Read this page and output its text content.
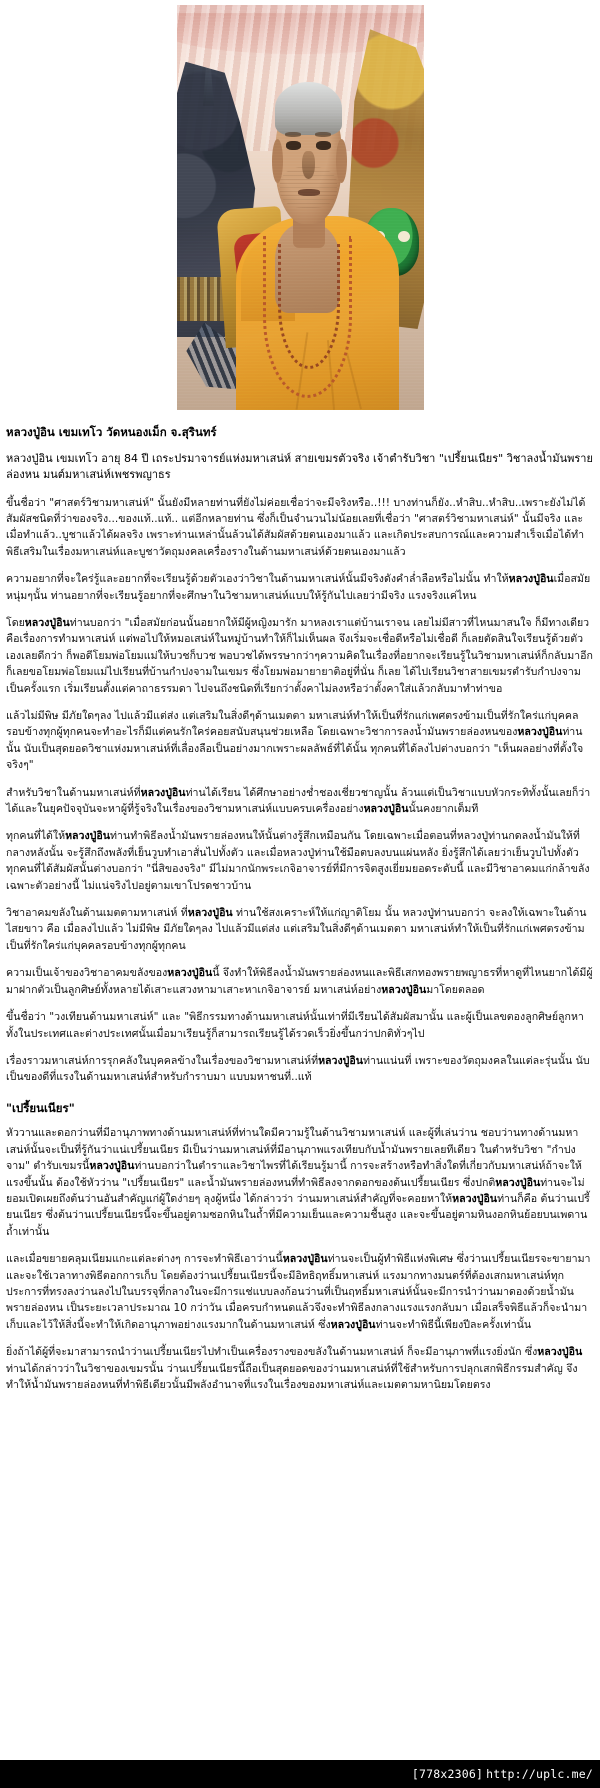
หลวงปู่อิน เขมเทโว วัดหนองเม็ก จ.สุรินทร์
หลวงปู่อิน เขมเทโว อายุ 84 ปี เถระปรมาจารย์แห่งมหาเสน่ห์ สายเขมรตัวจริง เจ้าตำรับวิชา "เปรี้ยนเนียร" วิชาลงน้ำมันพรายล่องหน มนต์มหาเสน่ห์เพชรพญาธร

ขึ้นชื่อว่า "ศาสตร์วิชามหาเสน่ห์" นั้นยังมีหลายท่านที่ยังไม่ค่อยเชื่อว่าจะมีจริงหรือ..!!! บางท่านก็ยัง..หำสิบ..หำสิบ..เพราะยังไม่ได้สัมผัสชนิดที่ว่าของจริง...ของแท้..แท้.. แต่อีกหลายท่าน ซึ่งก็เป็นจำนวนไม่น้อยเลยที่เชื่อว่า "ศาสตร์วิชามหาเสน่ห์" นั้นมีจริง และเมื่อทำแล้ว..บูชาแล้วได้ผลจริง เพราะท่านเหล่านั้นล้วนได้สัมผัสด้วยตนเองมาแล้ว และเกิดประสบการณ์และความสำเร็จเมื่อได้ทำพิธีเสริมในเรื่องมหาเสน่ห์และบูชาวัตถุมงคลเครื่องรางในด้านมหาเสน่ห์ด้วยตนเองมาแล้ว

ความอยากที่จะใคร่รู้และอยากที่จะเรียนรู้ด้วยตัวเองว่าวิชาในด้านมหาเสน่ห์นั้นมีจริงดังคำล่ำลือหรือไม่นั้น ทำให้หลวงปู่อินเมื่อสมัยหนุ่มๆนั้น ท่านอยากที่จะเรียนรู้อยากที่จะศึกษาในวิชามหาเสน่ห์แบบให้รู้กันไปเลยว่ามีจริง แรงจริงแค่ไหน

โดยหลวงปู่อินท่านบอกว่า "เมื่อสมัยก่อนนั้นอยากให้มีผู้หญิงมารัก มาหลงเราแต่บ้านเราจน เลยไม่มีสาวที่ไหนมาสนใจ ก็มีทางเดียวคือเรื่องการทำมหาเสน่ห์ แต่พอไปให้หมอเสน่ห์ในหมู่บ้านทำให้ก็ไม่เห็นผล จึงเริ่มจะเชื่อดีหรือไม่เชื่อดี ก็เลยตัดสินใจเรียนรู้ด้วยตัวเองเลยดีกว่า ก็พอดีโยมพ่อโยมแม่ให้บวชก็บวช พอบวชได้พรรษากว่าๆความคิดในเรื่องที่อยากจะเรียนรู้ในวิชามหาเสน่ห์ก็กลับมาอีก ก็เลยขอโยมพ่อโยมแม่ไปเรียนที่บ้านกำปงจามในเขมร ซึ่งโยมพ่อมายายาติอยู่ที่นั่น ก็เลย ได้ไปเรียนวิชาสายเขมรตำรับกำปงจามเป็นครั้งแรก เริ่มเรียนตั้งแต่คาถาธรรมดา ไปจนถึงชนิดที่เรียกว่าตั้งคาไม่ลงหรือว่าตั้งคาใส่แล้วกลับมาทำท่าขอ

แล้วไม่มีพิษ มีภัยใดๆลง ไปแล้วมีแต่ส่ง แต่เสริมในสิ่งดีๆด้านเมตตา มหาเสน่ห์ทำให้เป็นที่รักแก่เพศตรงข้ามเป็นที่รักใคร่แก่บุคคลรอบข้างทุกผู้ทุกคนจะทำอะไรก็มีแต่คนรักใคร่คอยสนับสนุนช่วยเหลือ โดยเฉพาะวิชาการลงน้ำมันพรายล่องหนของหลวงปู่อินท่านนั้น นับเป็นสุดยอดวิชาแห่งมหาเสน่ห์ที่เลื่องลือเป็นอย่างมากเพราะผลลัพธ์ที่ได้นั้น ทุกคนที่ได้ลงไปต่างบอกว่า "เห็นผลอย่างที่ตั้งใจจริงๆ"

สำหรับวิชาในด้านมหาเสน่ห์ที่หลวงปู่อินท่านได้เรียน ได้ศึกษาอย่างช่ำชองเชี่ยวชาญนั้น ล้วนแต่เป็นวิชาแบบหัวกระทิทั้งนั้นเลยก็ว่าได้และในยุคปัจจุบันจะหาผู้ที่รู้จริงในเรื่องของวิชามหาเสน่ห์แบบครบเครื่องอย่างหลวงปู่อินนั้นคงยากเต็มที

ทุกคนที่ได้ให้หลวงปู่อินท่านทำพิธีลงน้ำมันพรายล่องหนให้นั้นต่างรู้สึกเหมือนกัน โดยเฉพาะเมื่อตอนที่หลวงปู่ท่านกดลงน้ำมันให้ที่กลางหลังนั้น จะรู้สึกถึงพลังที่เย็นวูบทำเอาสั่นไปทั้งตัว และเมื่อหลวงปู่ท่านใช้มือตบลงบนแผ่นหลัง ยิ่งรู้สึกได้เลยว่าเย็นวูบไปทั้งตัว ทุกคนที่ได้สัมผัสนั้นต่างบอกว่า "นี่สิของจริง" มีไม่มากนักพระเกจิอาจารย์ที่มีการจิตสูงเยี่ยมยอดระดับนี้ และมีวิชาอาคมแก่กล้าขลังเฉพาะตัวอย่างนี้ ไม่แน่จริงไปอยู่ตามเขาโปรดชาวบ้าน

วิชาอาคมขลังในด้านเมตตามหาเสน่ห์ ที่หลวงปู่อิน ท่านใช้สงเคราะห์ให้แก่ญาติโยม นั้น หลวงปู่ท่านบอกว่า จะลงให้เฉพาะในด้านไสยขาว คือ เมื่อลงไปแล้ว ไม่มีพิษ มีภัยใดๆลง ไปแล้วมีแต่ส่ง แต่เสริมในสิ่งดีๆด้านเมตตา มหาเสน่ห์ทำให้เป็นที่รักแก่เพศตรงข้ามเป็นที่รักใคร่แก่บุคคลรอบข้างทุกผู้ทุกคน

ความเป็นเจ้าของวิชาอาคมขลังของหลวงปู่อินนี้ จึงทำให้พิธีลงน้ำมันพรายล่องหนและพิธีเสกทองพรายพญาธรที่หาดูที่ไหนยากได้มีผู้มาฝากตัวเป็นลูกศิษย์ทั้งหลายได้เสาะแสวงหามาเสาะหาเกจิอาจารย์ มหาเสน่ห์อย่างหลวงปู่อินมาโดยตลอด

ขึ้นชื่อว่า "วงเทียนด้านมหาเสน่ห์" และ "พิธีกรรมทางด้านมหาเสน่ห์นั้นเท่าที่มีเรียนได้สัมผัสมานั้น และผู้เป็นเลขตองลูกศิษย์ลูกหาทั้งในประเทศและต่างประเทศนั้นเมื่อมาเรียนรู้ก็สามารถเรียนรู้ได้รวดเร็วยิ่งขึ้นกว่าปกติทั่วๆไป

เรื่องราวมหาเสน่ห์การรุกคลังในบุคคลข้างในเรื่องของวิชามหาเสน่ห์ที่หลวงปู่อินท่านแน่นที่ เพราะของวัตถุมงคลในแต่ละรุ่นนั้น นับเป็นของดีที่แรงในด้านมหาเสน่ห์สำหรับกำราบมา แบบมหาชนที่..แท้

"เปรี้ยนเนียร"

หัววานและดอกว่านที่มีอานุภาพทางด้านมหาเสน่ห์ที่ท่านใดมีความรู้ในด้านวิชามหาเสน่ห์ และผู้ที่เล่นว่าน ชอบว่านทางด้านมหาเสน่ห์นั้นจะเป็นที่รู้กันว่าแน่เปรี้ยนเนียร มีเป็นว่านมหาเสน่ห์ที่มีอานุภาพแรงเทียบกับน้ำมันพรายเลยทีเดียว ในตำหรับวิชา "กำปงจาม" ตำรับเขมรนี้หลวงปู่อินท่านบอกว่าในตำราและวิชาไพรที่ได้เรียนรู้มานี้ การจะสร้างหรือทำสิ่งใดที่เกี่ยวกับมหาเสน่ห์ถ้าจะให้แรงขึ้นนั้น ต้องใช้หัวว่าน "เปรี้ยนเนียร" และน้ำมันพรายล่องหนที่ทำพิธีลงจากดอกของต้นเปรี้ยนเนียร ซึ่งปกติหลวงปู่อินท่านจะไม่ยอมเปิดเผยถึงต้นว่านอันสำคัญแก่ผู้ใดง่ายๆ ลุงผู้หนึ่ง ได้กล่าวว่า ว่านมหาเสน่ห์สำคัญที่จะคอยหาให้หลวงปู่อินท่านก็คือ ต้นว่านเปรี้ยนเนียร ซึ่งต้นว่านเปรี้ยนเนียรนี้จะขึ้นอยู่ตามซอกหินในถ้ำที่มีความเย็นและความชื้นสูง และจะขึ้นอยู่ตามหินงอกหินย้อยบนเพดานถ้ำเท่านั้น

และเมื่อขยายคลุมเนียมแกะแต่ละต่างๆ การจะทำพิธีเอาว่านนี้หลวงปู่อินท่านจะเป็นผู้ทำพิธีแห่งพิเศษ ซึ่งว่านเปรี้ยนเนียรจะขายามาและจะใช้เวลาทางพิธีตอกการเก็บ โดยต้องว่านเปรี้ยนเนียรนี้จะมีอิทธิฤทธิ์มหาเสน่ห์ แรงมากทางมนตร์ที่ต้องเสกมหาเสน่ห์ทุกประการที่ทรงลงว่านลงไปในบรรจุที่กลางในจะมีการแช่แบบลงก้อนว่านที่เป็นฤทธิ์มหาเสน่ห์นั้นจะมีการนำว่านมาดองด้วยน้ำมันพรายล่องหน เป็นระยะเวลาประมาณ 10 กว่าวัน เมื่อครบกำหนดแล้วจึงจะทำพิธีลงกลางแรงแรงกลับมา เมื่อเสร็จพิธีแล้วก็จะนำมาเก็บและไว้ให้สิ่งนี้จะทำให้เกิดอานุภาพอย่างแรงมากในด้านมหาเสน่ห์ ซึ่งหลวงปู่อินท่านจะทำพิธีนี้เพียงปีละครั้งเท่านั้น

ยิ่งถ้าได้ผู้ที่จะมาสามารถนำว่านเปรี้ยนเนียรไปทำเป็นเครื่องรางของขลังในด้านมหาเสน่ห์ ก็จะมีอานุภาพที่แรงยิ่งนัก ซึ่งหลวงปู่อินท่านได้กล่าวว่าในวิชาของเขมรนั้น ว่านเปรี้ยนเนียรนี้ถือเป็นสุดยอดของว่านมหาเสน่ห์ที่ใช้สำหรับการปลุกเสกพิธีกรรมสำคัญ จึงทำให้น้ำมันพรายล่องหนที่ทำพิธีเดียวนั้นมีพลังอำนาจที่แรงในเรื่องของมหาเสน่ห์และเมตตามหานิยมโดยตรง

[778x2306] http://uplc.me/
